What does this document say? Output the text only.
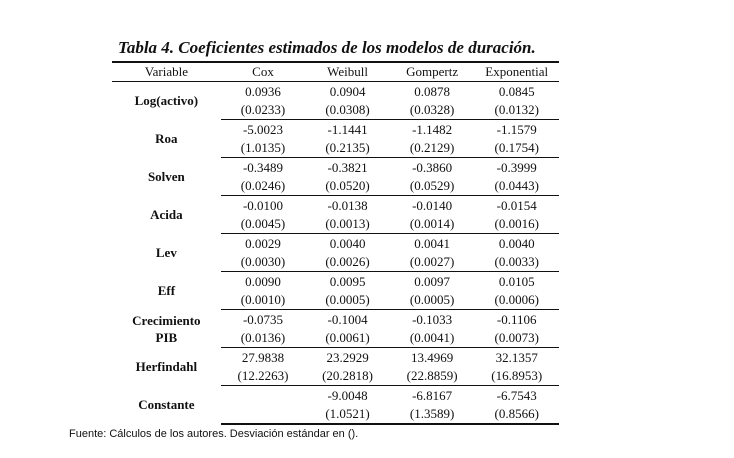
Tabla 4. Coeficientes estimados de los modelos de duración.
Variable	Cox	Weibull	Gompertz	Exponential
Log(activo)	0.0936	0.0904	0.0878	0.0845
	(0.0233)	(0.0308)	(0.0328)	(0.0132)
Roa	-5.0023	-1.1441	-1.1482	-1.1579
	(1.0135)	(0.2135)	(0.2129)	(0.1754)
Solven	-0.3489	-0.3821	-0.3860	-0.3999
	(0.0246)	(0.0520)	(0.0529)	(0.0443)
Acida	-0.0100	-0.0138	-0.0140	-0.0154
	(0.0045)	(0.0013)	(0.0014)	(0.0016)
Lev	0.0029	0.0040	0.0041	0.0040
	(0.0030)	(0.0026)	(0.0027)	(0.0033)
Eff	0.0090	0.0095	0.0097	0.0105
	(0.0010)	(0.0005)	(0.0005)	(0.0006)
Crecimiento
PIB	-0.0735	-0.1004	-0.1033	-0.1106
	(0.0136)	(0.0061)	(0.0041)	(0.0073)
Herfindahl	27.9838	23.2929	13.4969	32.1357
	(12.2263)	(20.2818)	(22.8859)	(16.8953)
Constante		-9.0048	-6.8167	-6.7543
		(1.0521)	(1.3589)	(0.8566)
Fuente: Cálculos de los autores. Desviación estándar en ().
